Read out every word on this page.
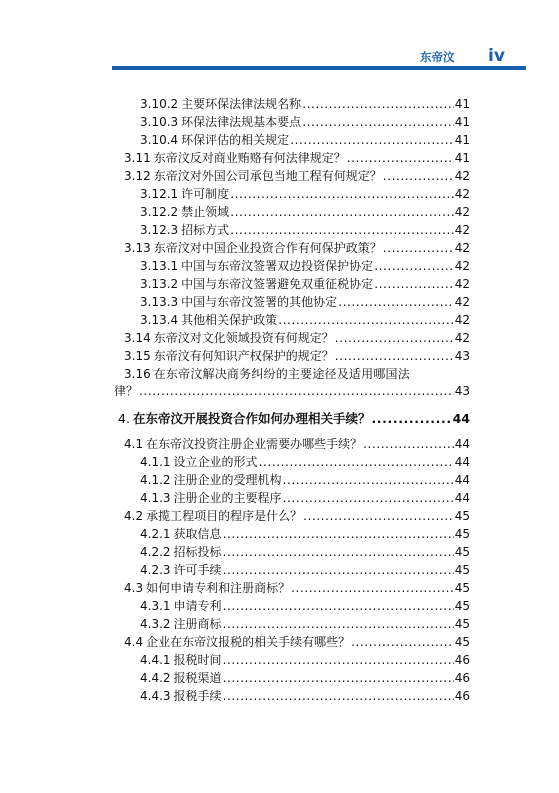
东帝汶	iv
3.10.2 主要环保法律法规名称 .....	41
3.10.3 环保法律法规基本要点 .....	41
3.10.4 环保评估的相关规定 .....	41
3.11 东帝汶反对商业贿赂有何法律规定？ .....	41
3.12 东帝汶对外国公司承包当地工程有何规定？ .....	42
3.12.1 许可制度 .....	42
3.12.2 禁止领域 .....	42
3.12.3 招标方式 .....	42
3.13 东帝汶对中国企业投资合作有何保护政策？ .....	42
3.13.1 中国与东帝汶签署双边投资保护协定 .....	42
3.13.2 中国与东帝汶签署避免双重征税协定 .....	42
3.13.3 中国与东帝汶签署的其他协定 .....	42
3.13.4 其他相关保护政策 .....	42
3.14 东帝汶对文化领域投资有何规定？ .....	42
3.15 东帝汶有何知识产权保护的规定？ .....	43
3.16 在东帝汶解决商务纠纷的主要途径及适用哪国法
律？ .....	43
4. 在东帝汶开展投资合作如何办理相关手续？ .....	44
4.1 在东帝汶投资注册企业需要办哪些手续？ .....	44
4.1.1 设立企业的形式 .....	44
4.1.2 注册企业的受理机构 .....	44
4.1.3 注册企业的主要程序 .....	44
4.2 承揽工程项目的程序是什么？ .....	45
4.2.1 获取信息 .....	45
4.2.2 招标投标 .....	45
4.2.3 许可手续 .....	45
4.3 如何申请专利和注册商标？ .....	45
4.3.1 申请专利 .....	45
4.3.2 注册商标 .....	45
4.4 企业在东帝汶报税的相关手续有哪些？ .....	45
4.4.1 报税时间 .....	46
4.4.2 报税渠道 .....	46
4.4.3 报税手续 .....	46
